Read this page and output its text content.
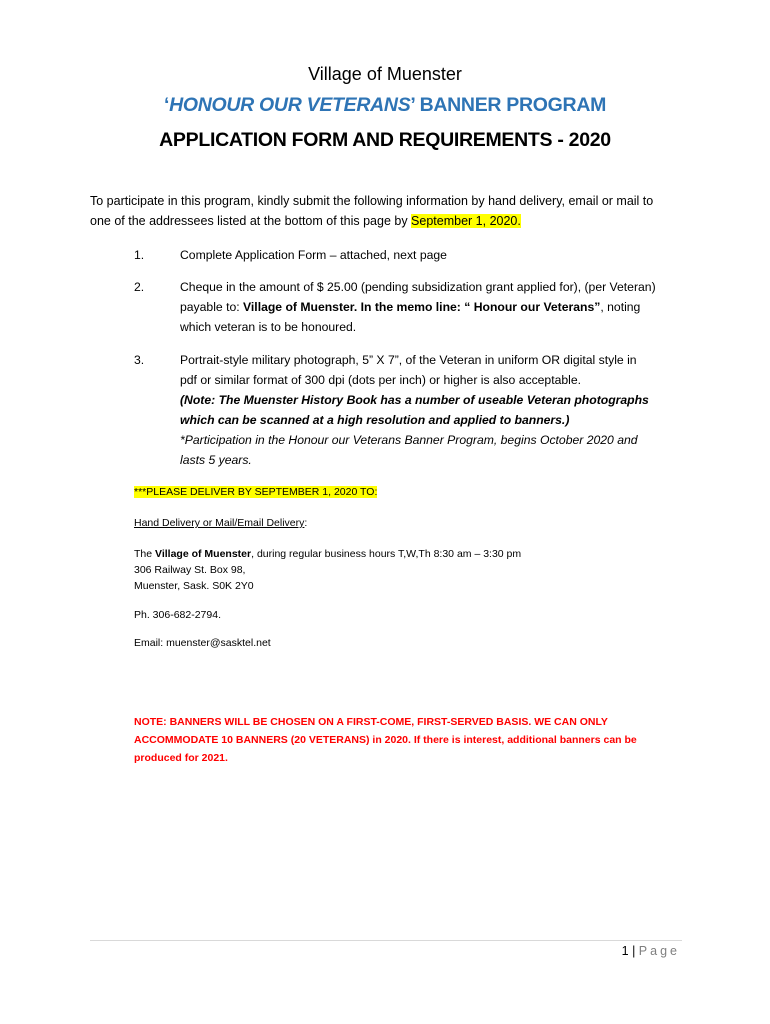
Village of Muenster
‘HONOUR OUR VETERANS’ BANNER PROGRAM
APPLICATION FORM AND REQUIREMENTS - 2020
To participate in this program, kindly submit the following information by hand delivery, email or mail to
one of the addressees listed at the bottom of this page by September 1, 2020.
1.	Complete Application Form – attached, next page
2.	Cheque in the amount of $ 25.00 (pending subsidization grant applied for), (per Veteran)
payable to: Village of Muenster. In the memo line: “ Honour our Veterans”, noting
which veteran is to be honoured.
3.	Portrait-style military photograph, 5” X 7”, of the Veteran in uniform OR digital style in
pdf or similar format of 300 dpi (dots per inch) or higher is also acceptable.
(Note: The Muenster History Book has a number of useable Veteran photographs
which can be scanned at a high resolution and applied to banners.)
*Participation in the Honour our Veterans Banner Program, begins October 2020 and
lasts 5 years.
***PLEASE DELIVER BY SEPTEMBER 1, 2020 TO:
Hand Delivery or Mail/Email Delivery:
The Village of Muenster, during regular business hours T,W,Th 8:30 am – 3:30 pm
306 Railway St. Box 98,
Muenster, Sask. S0K 2Y0
Ph. 306-682-2794.
Email: muenster@sasktel.net
NOTE: BANNERS WILL BE CHOSEN ON A FIRST-COME, FIRST-SERVED BASIS. WE CAN ONLY
ACCOMMODATE 10 BANNERS (20 VETERANS) in 2020. If there is interest, additional banners can be
produced for 2021.
1 | Page
